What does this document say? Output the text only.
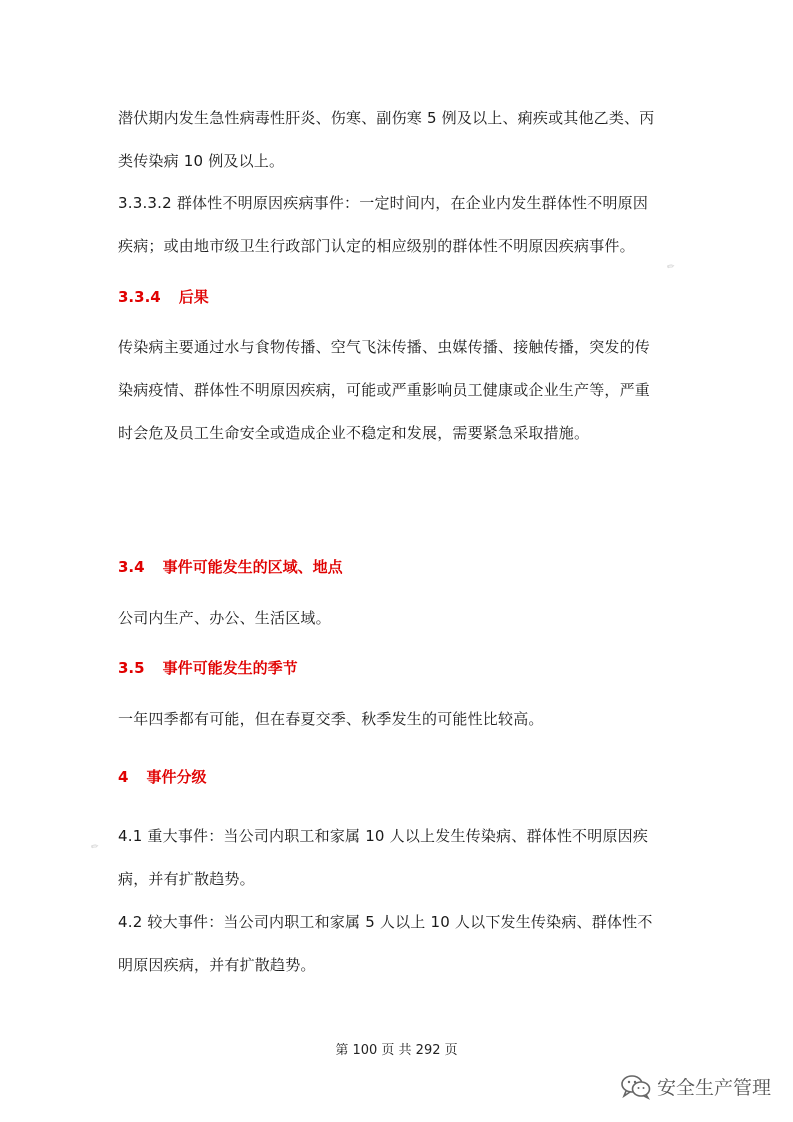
潜伏期内发生急性病毒性肝炎、伤寒、副伤寒 5 例及以上、痢疾或其他乙类、丙

类传染病 10 例及以上。

3.3.3.2 群体性不明原因疾病事件：一定时间内，在企业内发生群体性不明原因

疾病；或由地市级卫生行政部门认定的相应级别的群体性不明原因疾病事件。

3.3.4 后果

传染病主要通过水与食物传播、空气飞沫传播、虫媒传播、接触传播，突发的传

染病疫情、群体性不明原因疾病，可能或严重影响员工健康或企业生产等，严重

时会危及员工生命安全或造成企业不稳定和发展，需要紧急采取措施。

3.4 事件可能发生的区域、地点

公司内生产、办公、生活区域。

3.5 事件可能发生的季节

一年四季都有可能，但在春夏交季、秋季发生的可能性比较高。

4 事件分级

4.1 重大事件：当公司内职工和家属 10 人以上发生传染病、群体性不明原因疾

病，并有扩散趋势。

4.2 较大事件：当公司内职工和家属 5 人以上 10 人以下发生传染病、群体性不

明原因疾病，并有扩散趋势。

✎
✎
第 100 页 共 292 页
安全生产管理
